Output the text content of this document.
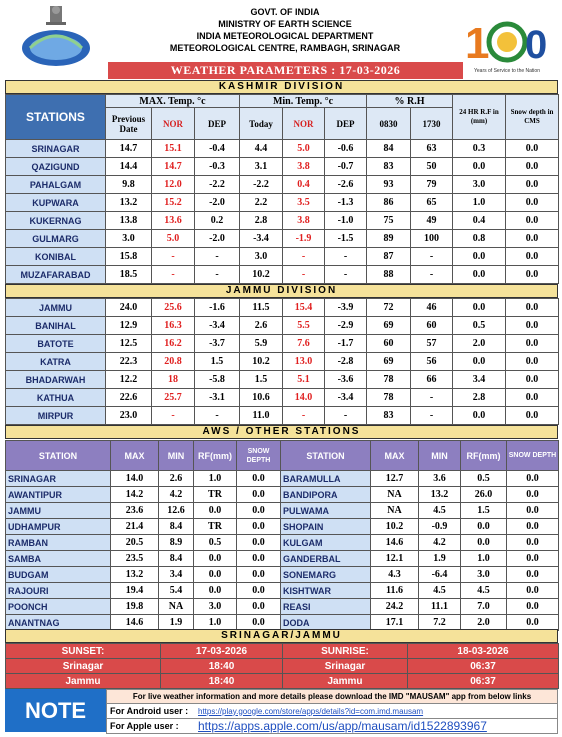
GOVT. OF INDIA
MINISTRY OF EARTH SCIENCE
INDIA METEOROLOGICAL DEPARTMENT
METEOROLOGICAL CENTRE, RAMBAGH, SRINAGAR	1 0
Years of Service to the Nation
WEATHER PARAMETERS : 17-03-2026
KASHMIR DIVISION
STATIONS	MAX. Temp. °c			Min. Temp. °c			% R.H		24 HR R.F in (mm)	Snow depth in CMS
	Previous Date	NOR	DEP	Today	NOR	DEP	0830	1730		
SRINAGAR	14.7	15.1	-0.4	4.4	5.0	-0.6	84	63	0.3	0.0
QAZIGUND	14.4	14.7	-0.3	3.1	3.8	-0.7	83	50	0.0	0.0
PAHALGAM	9.8	12.0	-2.2	-2.2	0.4	-2.6	93	79	3.0	0.0
KUPWARA	13.2	15.2	-2.0	2.2	3.5	-1.3	86	65	1.0	0.0
KUKERNAG	13.8	13.6	0.2	2.8	3.8	-1.0	75	49	0.4	0.0
GULMARG	3.0	5.0	-2.0	-3.4	-1.9	-1.5	89	100	0.8	0.0
KONIBAL	15.8	-	-	3.0	-	-	87	-	0.0	0.0
MUZAFARABAD	18.5	-	-	10.2	-	-	88	-	0.0	0.0
JAMMU DIVISION
JAMMU	24.0	25.6	-1.6	11.5	15.4	-3.9	72	46	0.0	0.0
BANIHAL	12.9	16.3	-3.4	2.6	5.5	-2.9	69	60	0.5	0.0
BATOTE	12.5	16.2	-3.7	5.9	7.6	-1.7	60	57	2.0	0.0
KATRA	22.3	20.8	1.5	10.2	13.0	-2.8	69	56	0.0	0.0
BHADARWAH	12.2	18	-5.8	1.5	5.1	-3.6	78	66	3.4	0.0
KATHUA	22.6	25.7	-3.1	10.6	14.0	-3.4	78	-	2.8	0.0
MIRPUR	23.0	-	-	11.0	-	-	83	-	0.0	0.0
AWS / OTHER STATIONS
STATION	MAX	MIN	RF(mm)	SNOW DEPTH	STATION	MAX	MIN	RF(mm)	SNOW DEPTH
SRINAGAR	14.0	2.6	1.0	0.0	BARAMULLA	12.7	3.6	0.5	0.0
AWANTIPUR	14.2	4.2	TR	0.0	BANDIPORA	NA	13.2	26.0	0.0
JAMMU	23.6	12.6	0.0	0.0	PULWAMA	NA	4.5	1.5	0.0
UDHAMPUR	21.4	8.4	TR	0.0	SHOPAIN	10.2	-0.9	0.0	0.0
RAMBAN	20.5	8.9	0.5	0.0	KULGAM	14.6	4.2	0.0	0.0
SAMBA	23.5	8.4	0.0	0.0	GANDERBAL	12.1	1.9	1.0	0.0
BUDGAM	13.2	3.4	0.0	0.0	SONEMARG	4.3	-6.4	3.0	0.0
RAJOURI	19.4	5.4	0.0	0.0	KISHTWAR	11.6	4.5	4.5	0.0
POONCH	19.8	NA	3.0	0.0	REASI	24.2	11.1	7.0	0.0
ANANTNAG	14.6	1.9	1.0	0.0	DODA	17.1	7.2	2.0	0.0
SRINAGAR/JAMMU
SUNSET:	17-03-2026	SUNRISE:	18-03-2026
Srinagar	18:40	Srinagar	06:37
Jammu	18:40	Jammu	06:37
NOTE
For live weather information and more details please download the IMD "MAUSAM" app from below links
For Android user :	https://play.google.com/store/apps/details?id=com.imd.mausam
For Apple user :	https://apps.apple.com/us/app/mausam/id1522893967
